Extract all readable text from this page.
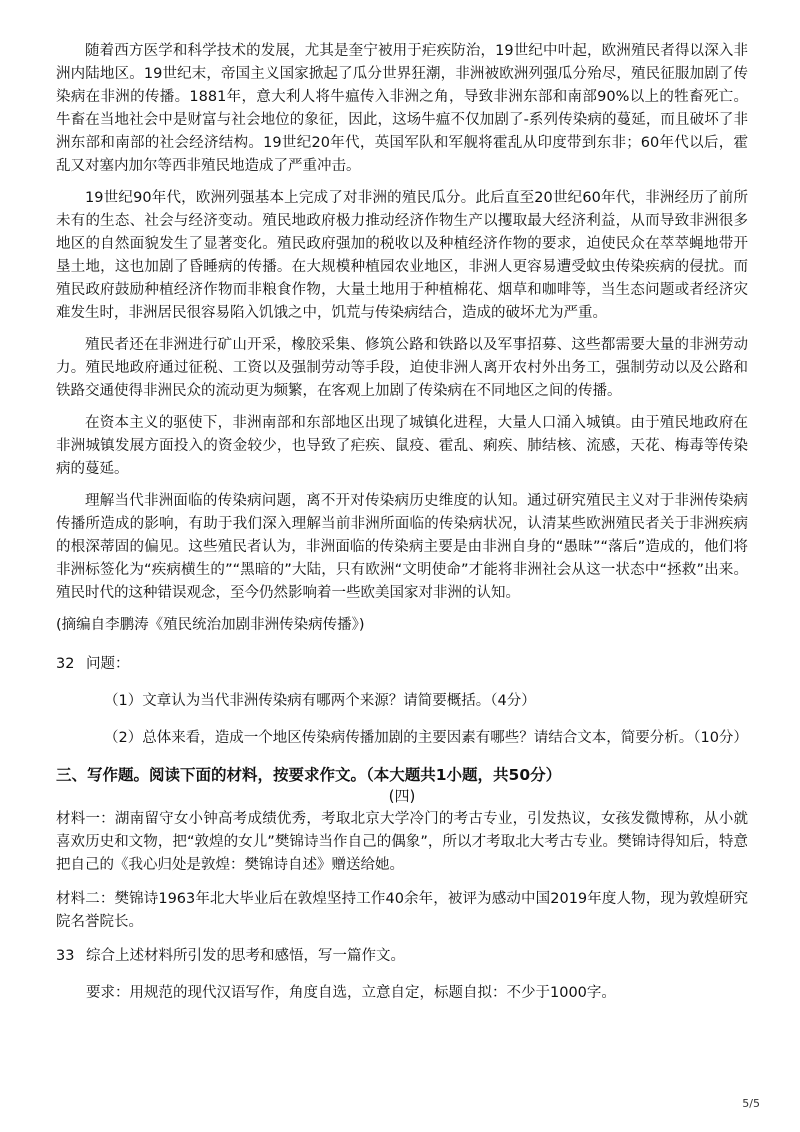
随着西方医学和科学技术的发展，尤其是奎宁被用于疟疾防治，19世纪中叶起，欧洲殖民者得以深入非洲内陆地区。19世纪末，帝国主义国家掀起了瓜分世界狂潮，非洲被欧洲列强瓜分殆尽，殖民征服加剧了传染病在非洲的传播。1881年，意大利人将牛瘟传入非洲之角，导致非洲东部和南部90%以上的牲畜死亡。牛畜在当地社会中是财富与社会地位的象征，因此，这场牛瘟不仅加剧了-系列传染病的蔓延，而且破坏了非洲东部和南部的社会经济结构。19世纪20年代，英国军队和军舰将霍乱从印度带到东非；60年代以后，霍乱又对塞内加尔等西非殖民地造成了严重冲击。

19世纪90年代，欧洲列强基本上完成了对非洲的殖民瓜分。此后直至20世纪60年代，非洲经历了前所未有的生态、社会与经济变动。殖民地政府极力推动经济作物生产以攫取最大经济利益，从而导致非洲很多地区的自然面貌发生了显著变化。殖民政府强加的税收以及种植经济作物的要求，迫使民众在萃萃蝇地带开垦土地，这也加剧了昏睡病的传播。在大规模种植园农业地区，非洲人更容易遭受蚊虫传染疾病的侵扰。而殖民政府鼓励种植经济作物而非粮食作物，大量土地用于种植棉花、烟草和咖啡等，当生态问题或者经济灾难发生时，非洲居民很容易陷入饥饿之中，饥荒与传染病结合，造成的破坏尤为严重。

殖民者还在非洲进行矿山开采，橡胶采集、修筑公路和铁路以及军事招募、这些都需要大量的非洲劳动力。殖民地政府通过征税、工资以及强制劳动等手段，迫使非洲人离开农村外出务工，强制劳动以及公路和铁路交通使得非洲民众的流动更为频繁，在客观上加剧了传染病在不同地区之间的传播。

在资本主义的驱使下，非洲南部和东部地区出现了城镇化进程，大量人口涌入城镇。由于殖民地政府在非洲城镇发展方面投入的资金较少，也导致了疟疾、鼠疫、霍乱、痢疾、肺结核、流感，天花、梅毒等传染病的蔓延。

理解当代非洲面临的传染病问题，离不开对传染病历史维度的认知。通过研究殖民主义对于非洲传染病传播所造成的影响，有助于我们深入理解当前非洲所面临的传染病状况，认清某些欧洲殖民者关于非洲疾病的根深蒂固的偏见。这些殖民者认为，非洲面临的传染病主要是由非洲自身的“愚昧”“落后”造成的，他们将非洲标签化为“疾病横生的”“黑暗的”大陆，只有欧洲“文明使命”才能将非洲社会从这一状态中“拯救”出来。殖民时代的这种错误观念，至今仍然影响着一些欧美国家对非洲的认知。

(摘编自李鹏涛《殖民统治加剧非洲传染病传播》)

32 问题：

（1）文章认为当代非洲传染病有哪两个来源？请简要概括。（4分）

（2）总体来看，造成一个地区传染病传播加剧的主要因素有哪些？请结合文本，简要分析。（10分）

三、写作题。阅读下面的材料，按要求作文。（本大题共1小题，共50分）

(四)

材料一：湖南留守女小钟高考成绩优秀，考取北京大学冷门的考古专业，引发热议，女孩发微博称，从小就喜欢历史和文物，把“敦煌的女儿”樊锦诗当作自己的偶象”，所以才考取北大考古专业。樊锦诗得知后，特意把自己的《我心归处是敦煌：樊锦诗自述》赠送给她。

材料二：樊锦诗1963年北大毕业后在敦煌坚持工作40余年，被评为感动中国2019年度人物，现为敦煌研究院名誉院长。

33 综合上述材料所引发的思考和感悟，写一篇作文。

要求：用规范的现代汉语写作，角度自选，立意自定，标题自拟：不少于1000字。

5/5
